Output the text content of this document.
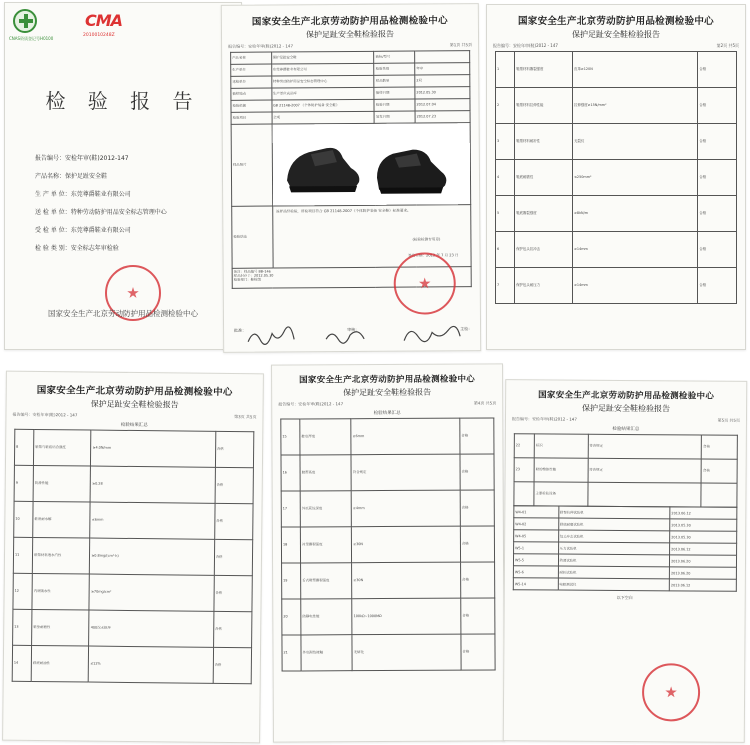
CNAS资质登记号H0100
CMA
2010010248Z
检 验 报 告
报告编号： 安检年审(鞋)2012-147
产品名称： 保护足趾安全鞋
生 产 单 位： 东莞尊爵鞋业有限公司
送 检 单 位： 特种劳动防护用品安全标志管理中心
受 检 单 位： 东莞尊爵鞋业有限公司
检 验 类 别： 安全标志年审检验
国家安全生产北京劳动防护用品检测检验中心
国家安全生产北京劳动防护用品检测检验中心
保护足趾安全鞋检验报告
报告编号：安检年审(鞋)2012 - 147	第1页 共5页
产品名称	保护足趾安全鞋	商标/型号	
生产单位	东莞尊爵鞋业有限公司	检验类别	年审
送检单位	特种劳动防护用品安全标志管理中心	样品数量	2双
抽样地点	生产单位成品库	抽样日期	2012.05.30
检验依据	GB 21148-2007 《个体防护装备 安全鞋》	检验日期	2012.07.04
检验项目	全项	签发日期	2012.07.23
样品照片	

检验结论	该样品经检验，所检项目符合 GB 21148-2007《个体防护装备 安全鞋》标准要求。
(检验检测专用章)
签发日期：2012 年 7 月 23 日		

备注：样品编号 BB-146
样品封存于：2012.05.30
检验部门：鞋检组			
批准：	审核：	主检：
国家安全生产北京劳动防护用品检测检验中心
保护足趾安全鞋检验报告
报告编号：安检年审(鞋)2012 - 147	第2页 共5页
1	鞋帮材料撕裂强度	皮革≥120N	合格
2	鞋帮材料拉伸性能	拉伸强度≥15N/mm²	合格
3	鞋帮材料耐折性	无裂纹	合格
4	鞋底耐磨性	≤250mm³	合格
5	鞋底撕裂强度	≥8kN/m	合格
6	保护包头抗冲击	≥14mm	合格
7	保护包头耐压力	≥14mm	合格
国家安全生产北京劳动防护用品检测检验中心
保护足趾安全鞋检验报告
报告编号：安检年审(鞋)2012 - 147	第3页 共5页
检验结果汇总
8	鞋帮与鞋底结合强度	≥4.0N/mm	合格
9	防滑性能	≥0.28	合格
10	鞋底耐水解	≤6mm	合格
11	鞋帮材料透水汽性	≥0.8mg/(cm²·h)	合格
12	内底吸水性	≥70mg/cm²	合格
13	鞋垫耐磨性	400次无损坏	合格
14	鞋底耐油性	≤12%	合格
国家安全生产北京劳动防护用品检测检验中心
保护足趾安全鞋检验报告
报告编号：安检年审(鞋)2012 - 147	第4页 共5页
检验结果汇总
15	鞋底厚度	≥6mm	合格
16	鞋帮高度	符合规定	合格
17	外底花纹深度	≥4mm	合格
18	衬里撕裂强度	≥30N	合格
19	舌式鞋帮撕裂强度	≥30N	合格
20	防静电性能	100kΩ~1000MΩ	合格
21	外底耐热接触	无熔化	合格
国家安全生产北京劳动防护用品检测检验中心
保护足趾安全鞋检验报告
报告编号：安检年审(鞋)2012 - 147	第5页 共5页
检验结果汇总
22	标识	符合规定	合格
23	鞋的整体性能	符合规定	合格
	主要检验设备		
W4-01	鞋帮拉伸试验机	2013.06.12
W4-02	鞋底耐磨试验机	2013.05.30
W4-05	包头冲击试验机	2013.05.30
W5-1	压力试验机	2013.06.12
W5-5	防滑试验机	2013.06.20
W5-6	耐折试验机	2013.06.20
W5-14	电阻测试仪	2013.06.12
以下空白
